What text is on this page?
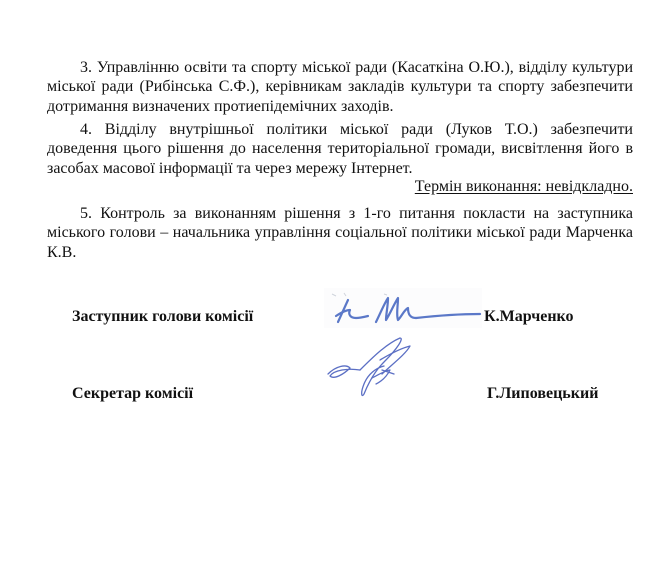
3. Управлінню освіти та спорту міської ради (Касаткіна О.Ю.), відділу культури міської ради (Рибінська С.Ф.), керівникам закладів культури та спорту забезпечити дотримання визначених протиепідемічних заходів.

4. Відділу внутрішньої політики міської ради (Луков Т.О.) забезпечити доведення цього рішення до населення територіальної громади, висвітлення його в засобах масової інформації та через мережу Інтернет.

Термін виконання: невідкладно.

5. Контроль за виконанням рішення з 1-го питання покласти на заступника міського голови – начальника управління соціальної політики міської ради Марченка К.В.

Заступник голови комісії	К.Марченко
Секретар комісії	Г.Липовецький
